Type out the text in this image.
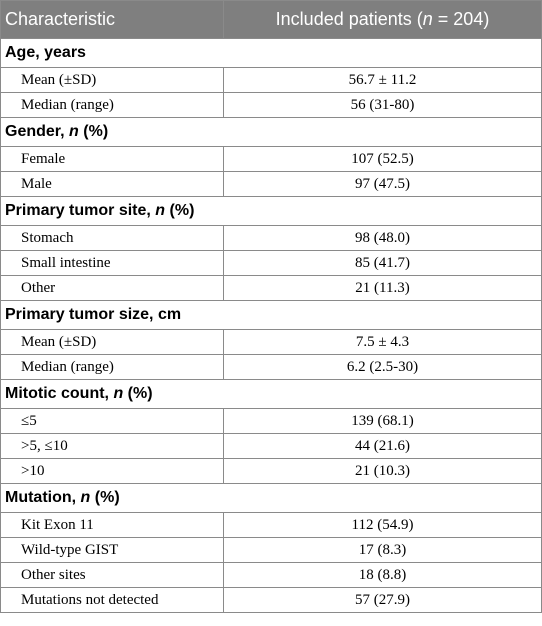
Characteristic	Included patients (n = 204)
Age, years	
Mean (±SD)	56.7 ± 11.2
Median (range)	56 (31-80)
Gender, n (%)	
Female	107 (52.5)
Male	97 (47.5)
Primary tumor site, n (%)	
Stomach	98 (48.0)
Small intestine	85 (41.7)
Other	21 (11.3)
Primary tumor size, cm	
Mean (±SD)	7.5 ± 4.3
Median (range)	6.2 (2.5-30)
Mitotic count, n (%)	
≤5	139 (68.1)
>5, ≤10	44 (21.6)
>10	21 (10.3)
Mutation, n (%)	
Kit Exon 11	112 (54.9)
Wild-type GIST	17 (8.3)
Other sites	18 (8.8)
Mutations not detected	57 (27.9)
